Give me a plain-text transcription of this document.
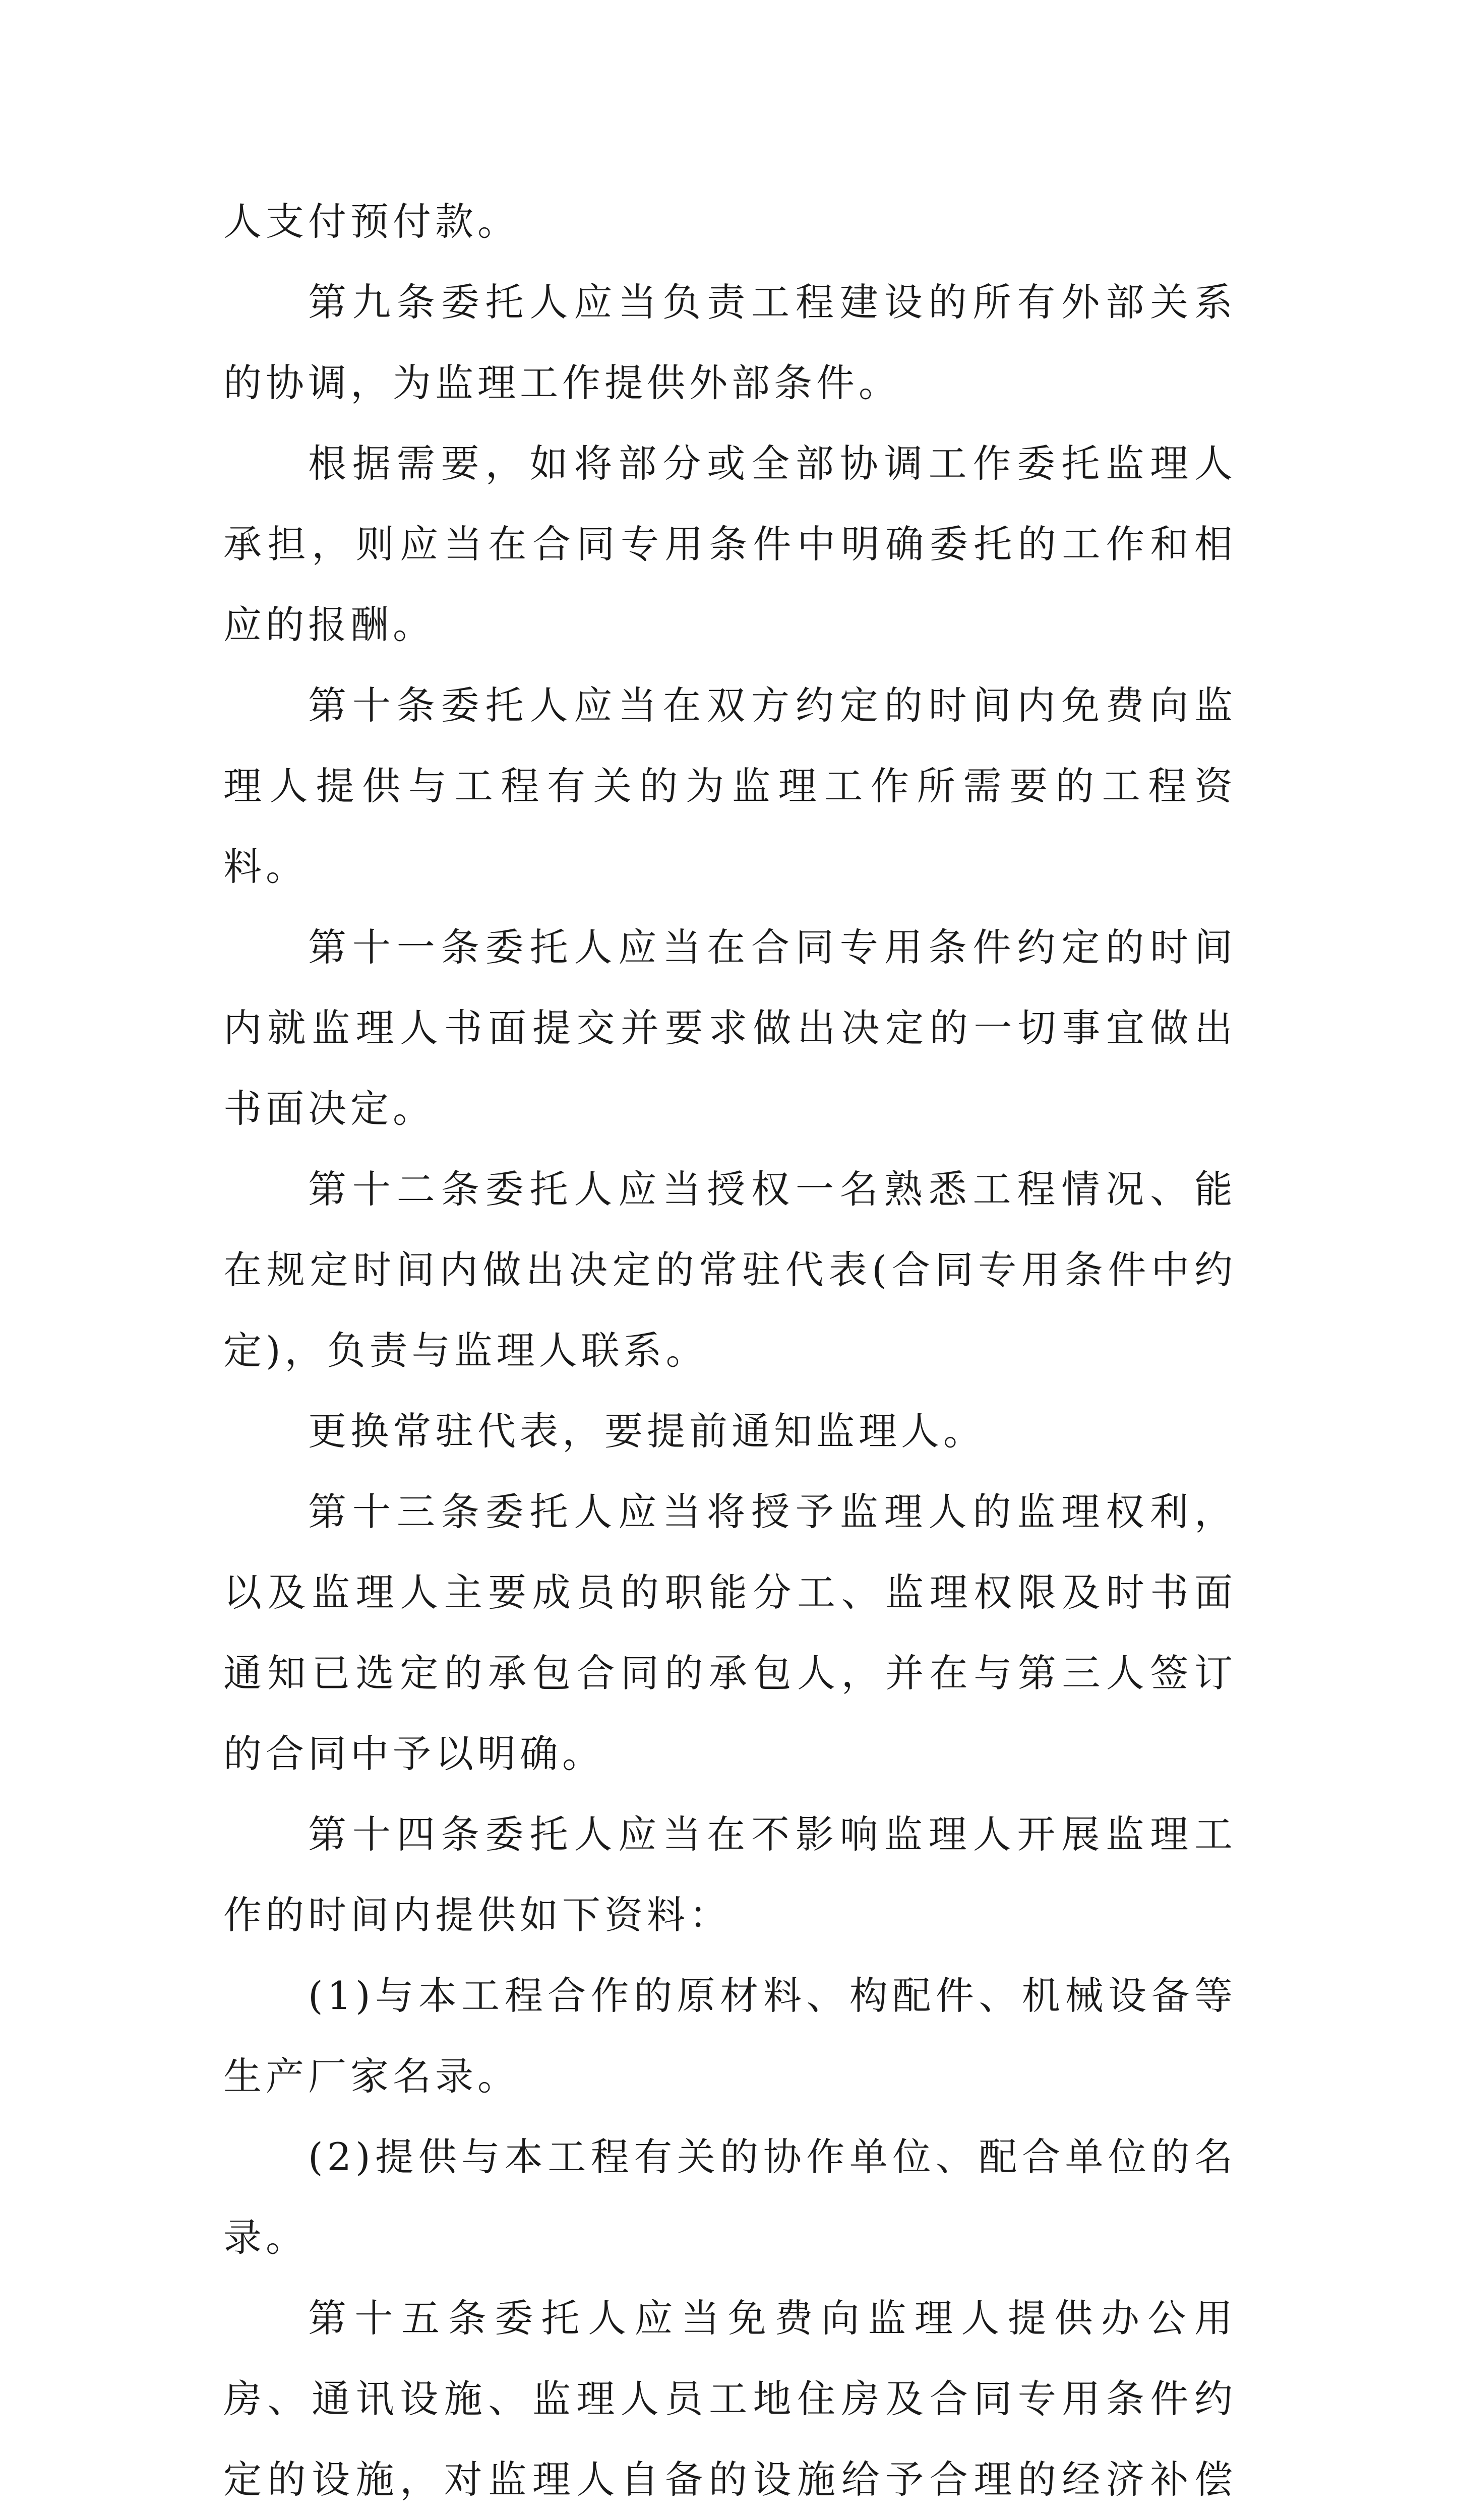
人支付预付款。

第九条委托人应当负责工程建设的所有外部关系的协调，为监理工作提供外部条件。

根据需要，如将部分或全部协调工作委托监理人承担，则应当在合同专用条件中明确委托的工作和相应的报酬。

第十条委托人应当在双方约定的时间内免费向监理人提供与工程有关的为监理工作所需要的工程资料。

第十一条委托人应当在合同专用条件约定的时间内就监理人书面提交并要求做出决定的一切事宜做出书面决定。

第十二条委托人应当授权一名熟悉工程情况、能在规定时间内做出决定的常驻代表(合同专用条件中约定)，负责与监理人联系。

更换常驻代表，要提前通知监理人。

第十三条委托人应当将授予监理人的监理权利，以及监理人主要成员的职能分工、监理权限及时书面通知已选定的承包合同的承包人，并在与第三人签订的合同中予以明确。

第十四条委托人应当在不影响监理人开展监理工作的时间内提供如下资料：

(1)与本工程合作的原材料、构配件、机械设备等生产厂家名录。

(2)提供与本工程有关的协作单位、配合单位的名录。

第十五条委托人应当免费向监理人提供办公用房、通讯设施、监理人员工地住房及合同专用条件约定的设施，对监理人自备的设施给予合理的经济补偿
